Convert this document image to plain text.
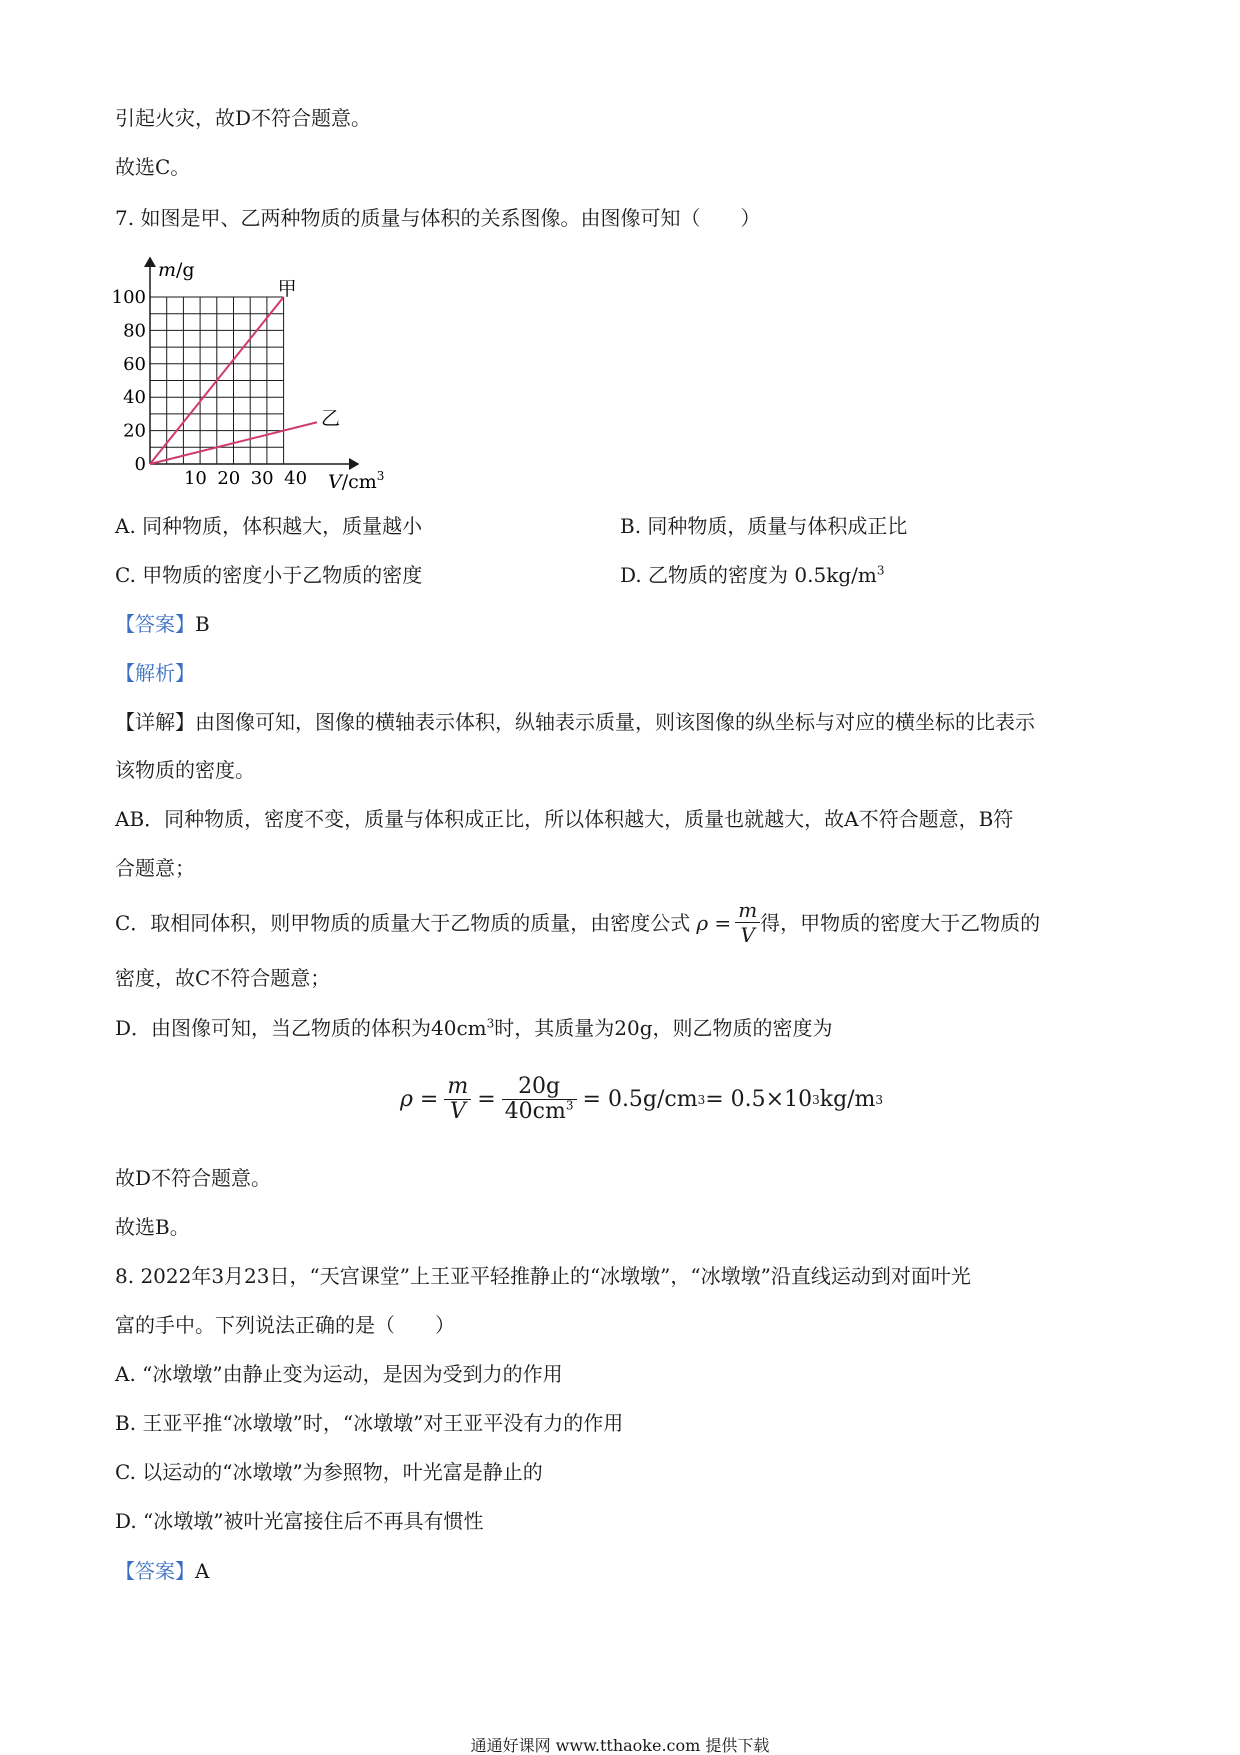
引起火灾，故D不符合题意。
故选C。
7. 如图是甲、乙两种物质的质量与体积的关系图像。由图像可知（　　）
100
80
60
40
20
0
10 20 30 40
m/g
$V/cm^3$
甲
乙
A. 同种物质，体积越大，质量越小	B. 同种物质，质量与体积成正比
C. 甲物质的密度小于乙物质的密度	D. 乙物质的密度为 $0.5kg/m^3$
【答案】B
【解析】
【详解】由图像可知，图像的横轴表示体积，纵轴表示质量，则该图像的纵坐标与对应的横坐标的比表示
该物质的密度。
AB．同种物质，密度不变，质量与体积成正比，所以体积越大，质量也就越大，故A不符合题意，B符
合题意；
C．取相同体积，则甲物质的质量大于乙物质的质量，由密度公式 $\rho = \frac{m}{V}$ 得，甲物质的密度大于乙物质的
密度，故C不符合题意；
D．由图像可知，当乙物质的体积为$40cm^3$时，其质量为20g，则乙物质的密度为
$\rho = \frac{m}{V} = \frac{20g}{40cm^3} = 0.5g/cm$ 3 = 0.5×10 3 kg/m 3
故D不符合题意。
故选B。
8. 2022年3月23日，“天宫课堂”上王亚平轻推静止的“冰墩墩”，“冰墩墩”沿直线运动到对面叶光
富的手中。下列说法正确的是（　　）
A. “冰墩墩”由静止变为运动，是因为受到力的作用
B. 王亚平推“冰墩墩”时，“冰墩墩”对王亚平没有力的作用
C. 以运动的“冰墩墩”为参照物，叶光富是静止的
D. “冰墩墩”被叶光富接住后不再具有惯性
【答案】A
通通好课网 www.tthaoke.com 提供下载
